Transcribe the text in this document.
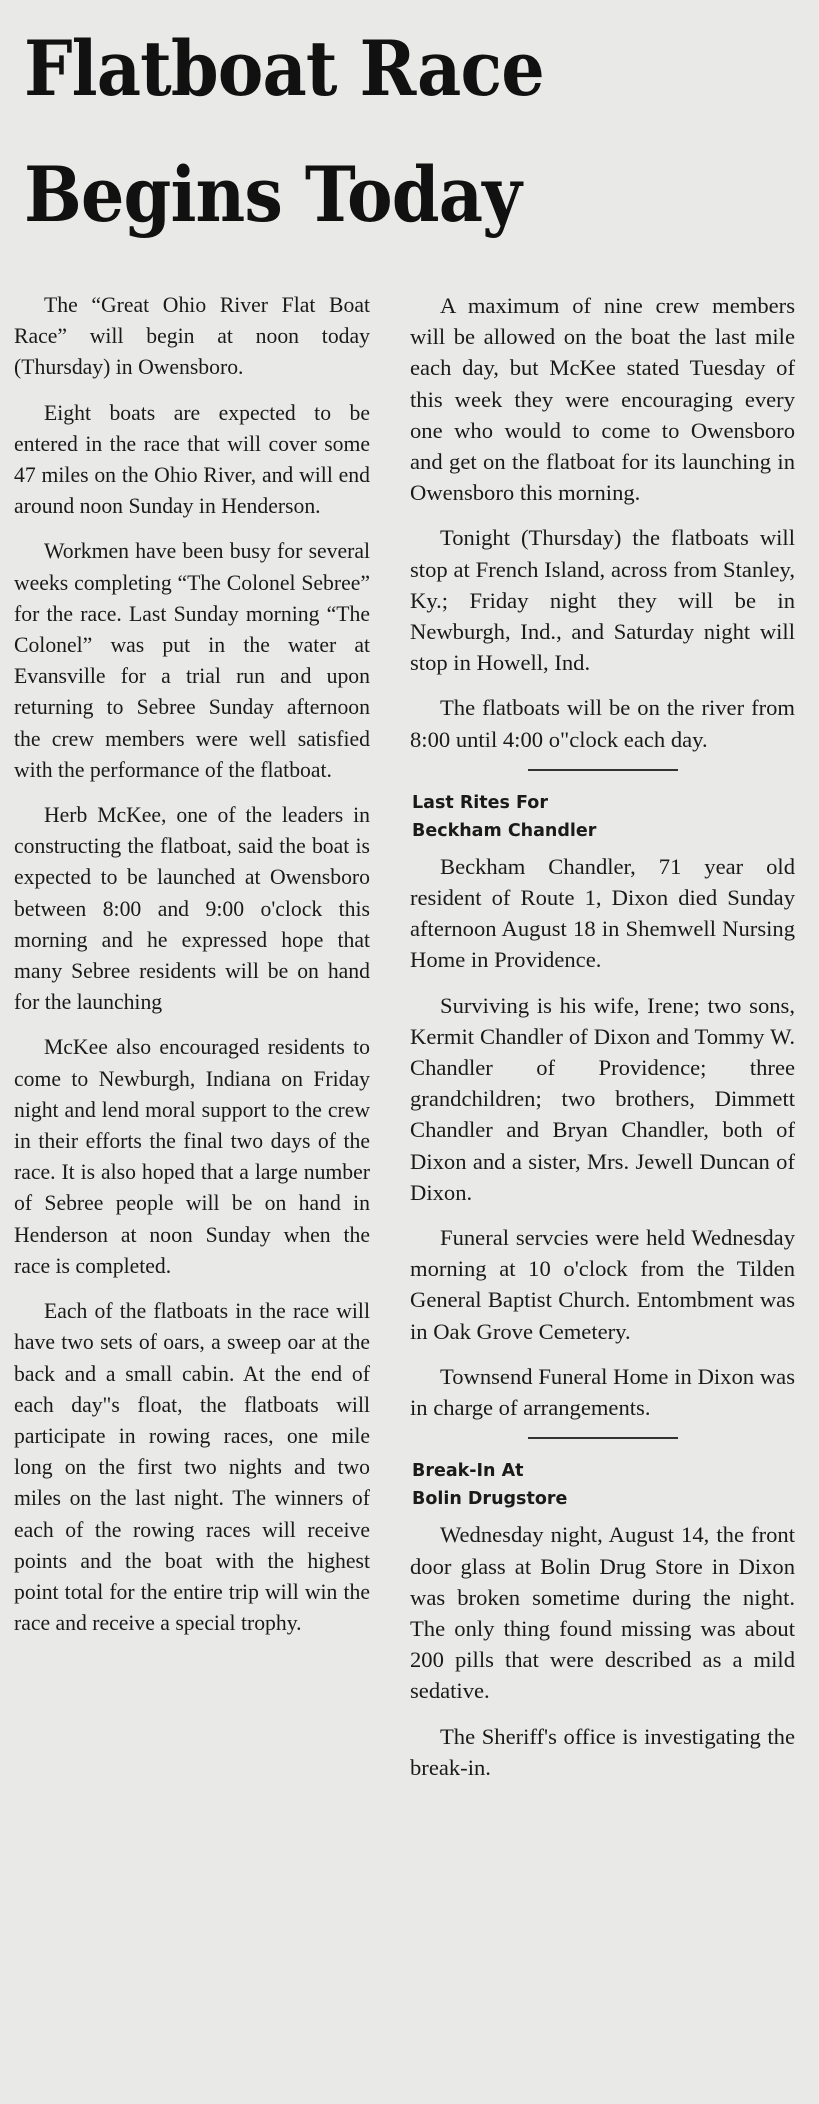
Flatboat Race
Begins Today

The “Great Ohio River Flat Boat Race” will begin at noon today (Thursday) in Owensboro.

Eight boats are expected to be entered in the race that will cover some 47 miles on the Ohio River, and will end around noon Sunday in Henderson.

Workmen have been busy for several weeks completing “The Colonel Sebree” for the race. Last Sunday morning “The Colonel” was put in the water at Evansville for a trial run and upon returning to Sebree Sunday afternoon the crew members were well satisfied with the performance of the flatboat.

Herb McKee, one of the leaders in constructing the flatboat, said the boat is expected to be launched at Owensboro between 8:00 and 9:00 o'clock this morning and he expressed hope that many Sebree residents will be on hand for the launching

McKee also encouraged residents to come to Newburgh, Indiana on Friday night and lend moral support to the crew in their efforts the final two days of the race. It is also hoped that a large number of Sebree people will be on hand in Henderson at noon Sunday when the race is completed.

Each of the flatboats in the race will have two sets of oars, a sweep oar at the back and a small cabin. At the end of each day"s float, the flatboats will participate in rowing races, one mile long on the first two nights and two miles on the last night. The winners of each of the rowing races will receive points and the boat with the highest point total for the entire trip will win the race and receive a special trophy.

A maximum of nine crew members will be allowed on the boat the last mile each day, but McKee stated Tuesday of this week they were encouraging every one who would to come to Owensboro and get on the flatboat for its launching in Owensboro this morning.

Tonight (Thursday) the flatboats will stop at French Island, across from Stanley, Ky.; Friday night they will be in Newburgh, Ind., and Saturday night will stop in Howell, Ind.

The flatboats will be on the river from 8:00 until 4:00 o"clock each day.

Last Rites For
Beckham Chandler

Beckham Chandler, 71 year old resident of Route 1, Dixon died Sunday afternoon August 18 in Shemwell Nursing Home in Providence.

Surviving is his wife, Irene; two sons, Kermit Chandler of Dixon and Tommy W. Chandler of Providence; three grandchildren; two brothers, Dimmett Chandler and Bryan Chandler, both of Dixon and a sister, Mrs. Jewell Duncan of Dixon.

Funeral servcies were held Wednesday morning at 10 o'clock from the Tilden General Baptist Church. Entombment was in Oak Grove Cemetery.

Townsend Funeral Home in Dixon was in charge of arrangements.

Break-In At
Bolin Drugstore

Wednesday night, August 14, the front door glass at Bolin Drug Store in Dixon was broken sometime during the night. The only thing found missing was about 200 pills that were described as a mild sedative.

The Sheriff's office is investigating the break-in.
